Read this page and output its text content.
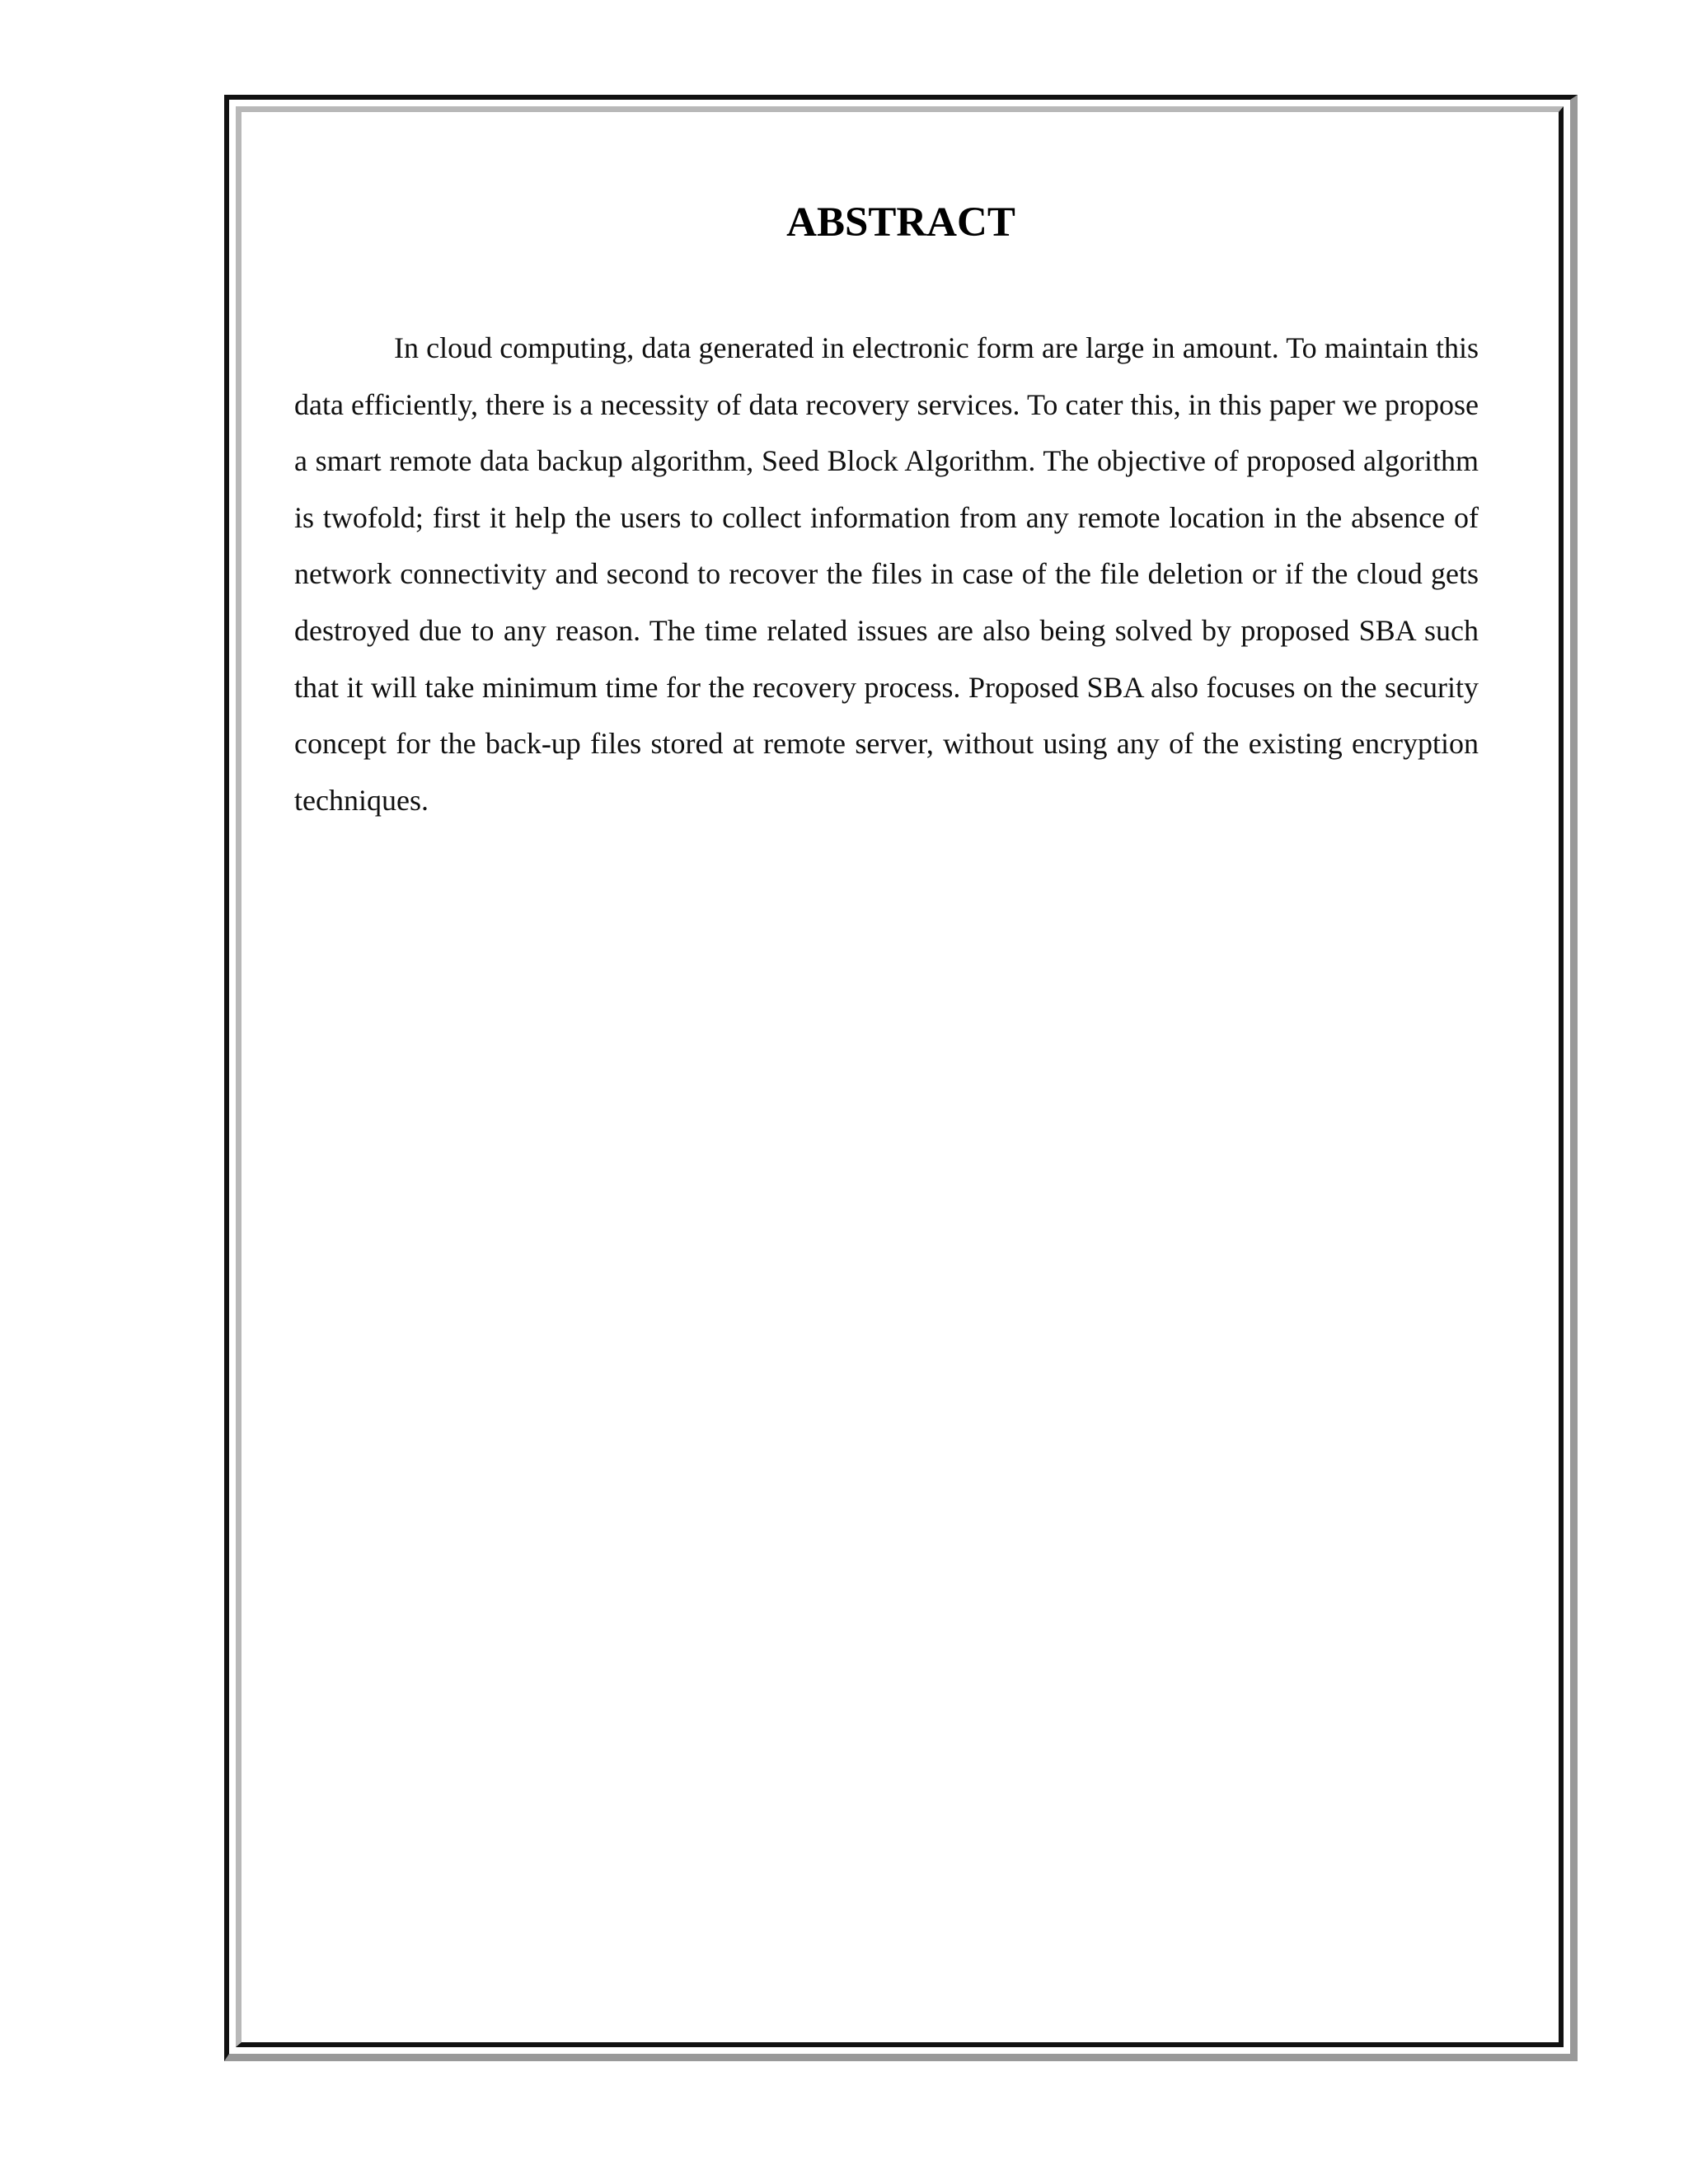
ABSTRACT

In cloud computing, data generated in electronic form are large in amount. To maintain this data efficiently, there is a necessity of data recovery services. To cater this, in this paper we propose a smart remote data backup algorithm, Seed Block Algorithm. The objective of proposed algorithm is twofold; first it help the users to collect information from any remote location in the absence of network connectivity and second to recover the files in case of the file deletion or if the cloud gets destroyed due to any reason. The time related issues are also being solved by proposed SBA such that it will take minimum time for the recovery process. Proposed SBA also focuses on the security concept for the back-up files stored at remote server, without using any of the existing encryption techniques.
